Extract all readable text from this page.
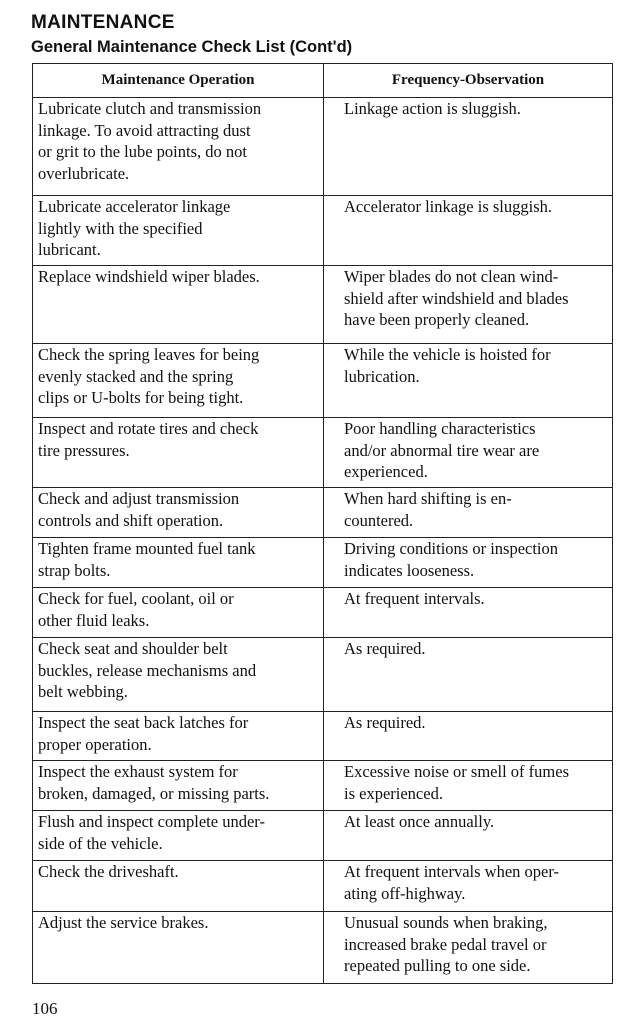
MAINTENANCE
General Maintenance Check List (Cont'd)
Maintenance Operation	Frequency-Observation

Lubricate clutch and transmission
linkage. To avoid attracting dust
or grit to the lube points, do not
overlubricate.	Linkage action is sluggish.

Lubricate accelerator linkage
lightly with the specified
lubricant.	Accelerator linkage is sluggish.

Replace windshield wiper blades.	Wiper blades do not clean wind-
shield after windshield and blades
have been properly cleaned.

Check the spring leaves for being
evenly stacked and the spring
clips or U-bolts for being tight.	While the vehicle is hoisted for
lubrication.

Inspect and rotate tires and check
tire pressures.	Poor handling characteristics
and/or abnormal tire wear are
experienced.

Check and adjust transmission
controls and shift operation.	When hard shifting is en-
countered.

Tighten frame mounted fuel tank
strap bolts.	Driving conditions or inspection
indicates looseness.

Check for fuel, coolant, oil or
other fluid leaks.	At frequent intervals.

Check seat and shoulder belt
buckles, release mechanisms and
belt webbing.	As required.

Inspect the seat back latches for
proper operation.	As required.

Inspect the exhaust system for
broken, damaged, or missing parts.	Excessive noise or smell of fumes
is experienced.

Flush and inspect complete under-
side of the vehicle.	At least once annually.

Check the driveshaft.	At frequent intervals when oper-
ating off-highway.

Adjust the service brakes.	Unusual sounds when braking,
increased brake pedal travel or
repeated pulling to one side.
106
